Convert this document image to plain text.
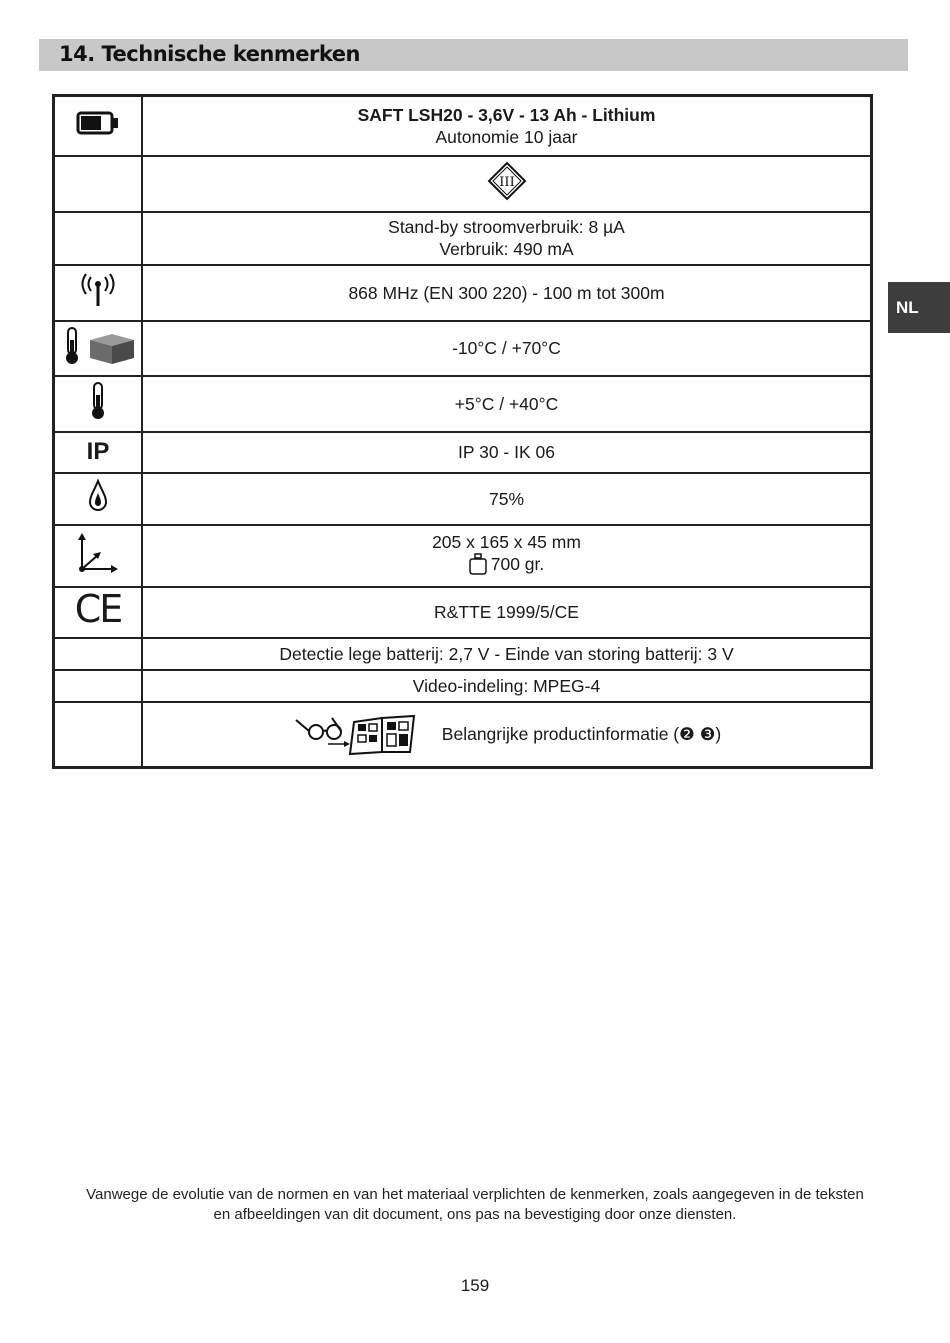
14. Technische kenmerken
NL

SAFT LSH20 - 3,6V - 13 Ah - Lithium
Autonomie 10 jaar

III

	Stand-by stroomverbruik: 8 µA
Verbruik: 490 mA

	868 MHz (EN 300 220) - 100 m tot 300m
	-10°C / +70°C
	+5°C / +40°C
IP	IP 30 - IK 06
	75%

205 x 165 x 45 mm
700 gr.

CE	R&TTE 1999/5/CE
	Detectie lege batterij: 2,7 V - Einde van storing batterij: 3 V
	Video-indeling: MPEG-4

	Belangrijke productinformatie (❷ ❸)
Vanwege de evolutie van de normen en van het materiaal verplichten de kenmerken, zoals aangegeven in de teksten
en afbeeldingen van dit document, ons pas na bevestiging door onze diensten.
159
